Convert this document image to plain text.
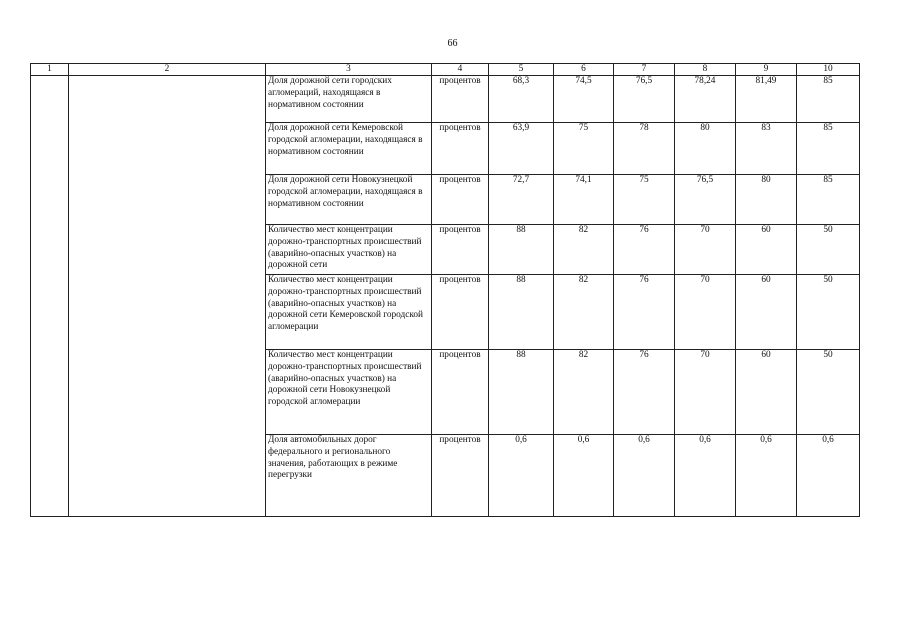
66
1	2	3	4	5	6	7	8	9	10
		Доля дорожной сети городских агломераций, находящаяся в нормативном состоянии	процентов	68,3	74,5	76,5	78,24	81,49	85
		Доля дорожной сети Кемеровской городской агломерации, находящаяся в нормативном состоянии	процентов	63,9	75	78	80	83	85
		Доля дорожной сети Новокузнецкой городской агломерации, находящаяся в нормативном состоянии	процентов	72,7	74,1	75	76,5	80	85
		Количество мест концентрации дорожно-транспортных происшествий (аварийно-опасных участков) на дорожной сети	процентов	88	82	76	70	60	50
		Количество мест концентрации дорожно-транспортных происшествий (аварийно-опасных участков) на дорожной сети Кемеровской городской агломерации	процентов	88	82	76	70	60	50
		Количество мест концентрации дорожно-транспортных происшествий (аварийно-опасных участков) на дорожной сети Новокузнецкой городской агломерации	процентов	88	82	76	70	60	50
		Доля автомобильных дорог федерального и регионального значения, работающих в режиме перегрузки	процентов	0,6	0,6	0,6	0,6	0,6	0,6
